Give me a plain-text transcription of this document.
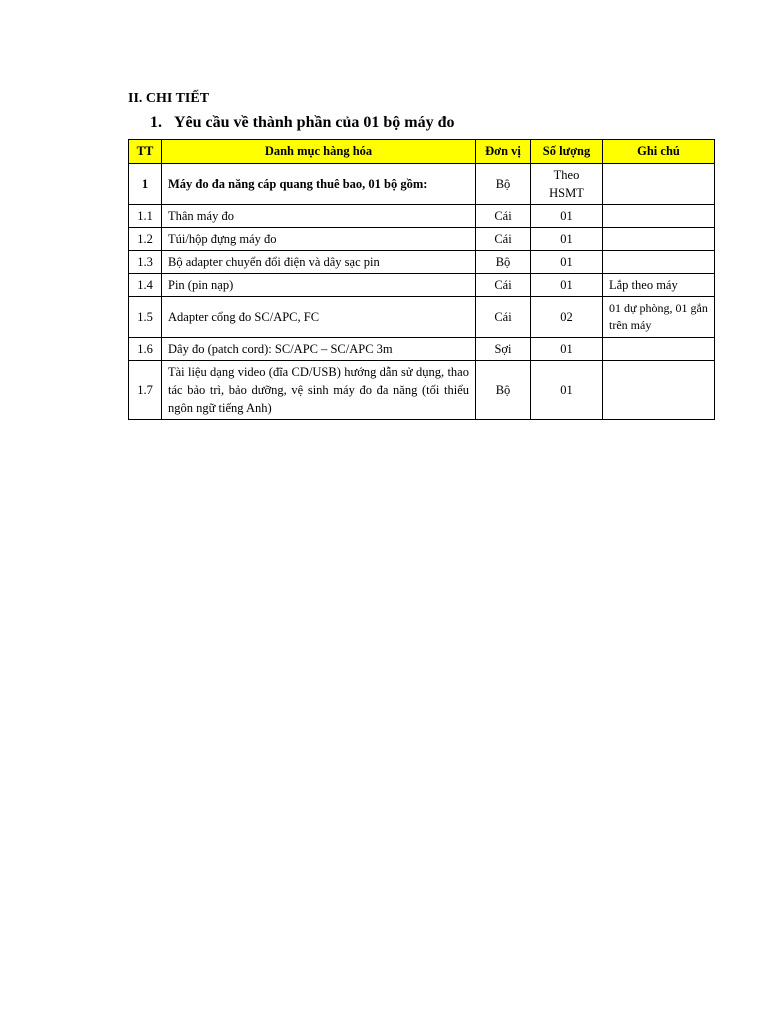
II. CHI TIẾT
1. Yêu cầu về thành phần của 01 bộ máy đo
TT	Danh mục hàng hóa	Đơn vị	Số lượng	Ghi chú
1	Máy đo đa năng cáp quang thuê bao, 01 bộ gồm:	Bộ	Theo HSMT	
1.1	Thân máy đo	Cái	01	
1.2	Túi/hộp đựng máy đo	Cái	01	
1.3	Bộ adapter chuyển đổi điện và dây sạc pin	Bộ	01	
1.4	Pin (pin nạp)	Cái	01	Lắp theo máy
1.5	Adapter cổng đo SC/APC, FC	Cái	02	01 dự phòng, 01 gắn trên máy
1.6	Dây đo (patch cord): SC/APC – SC/APC 3m	Sợi	01	
1.7	Tài liệu dạng video (đĩa CD/USB) hướng dẫn sử dụng, thao tác bảo trì, bảo dưỡng, vệ sinh máy đo đa năng (tối thiểu ngôn ngữ tiếng Anh)	Bộ	01	
